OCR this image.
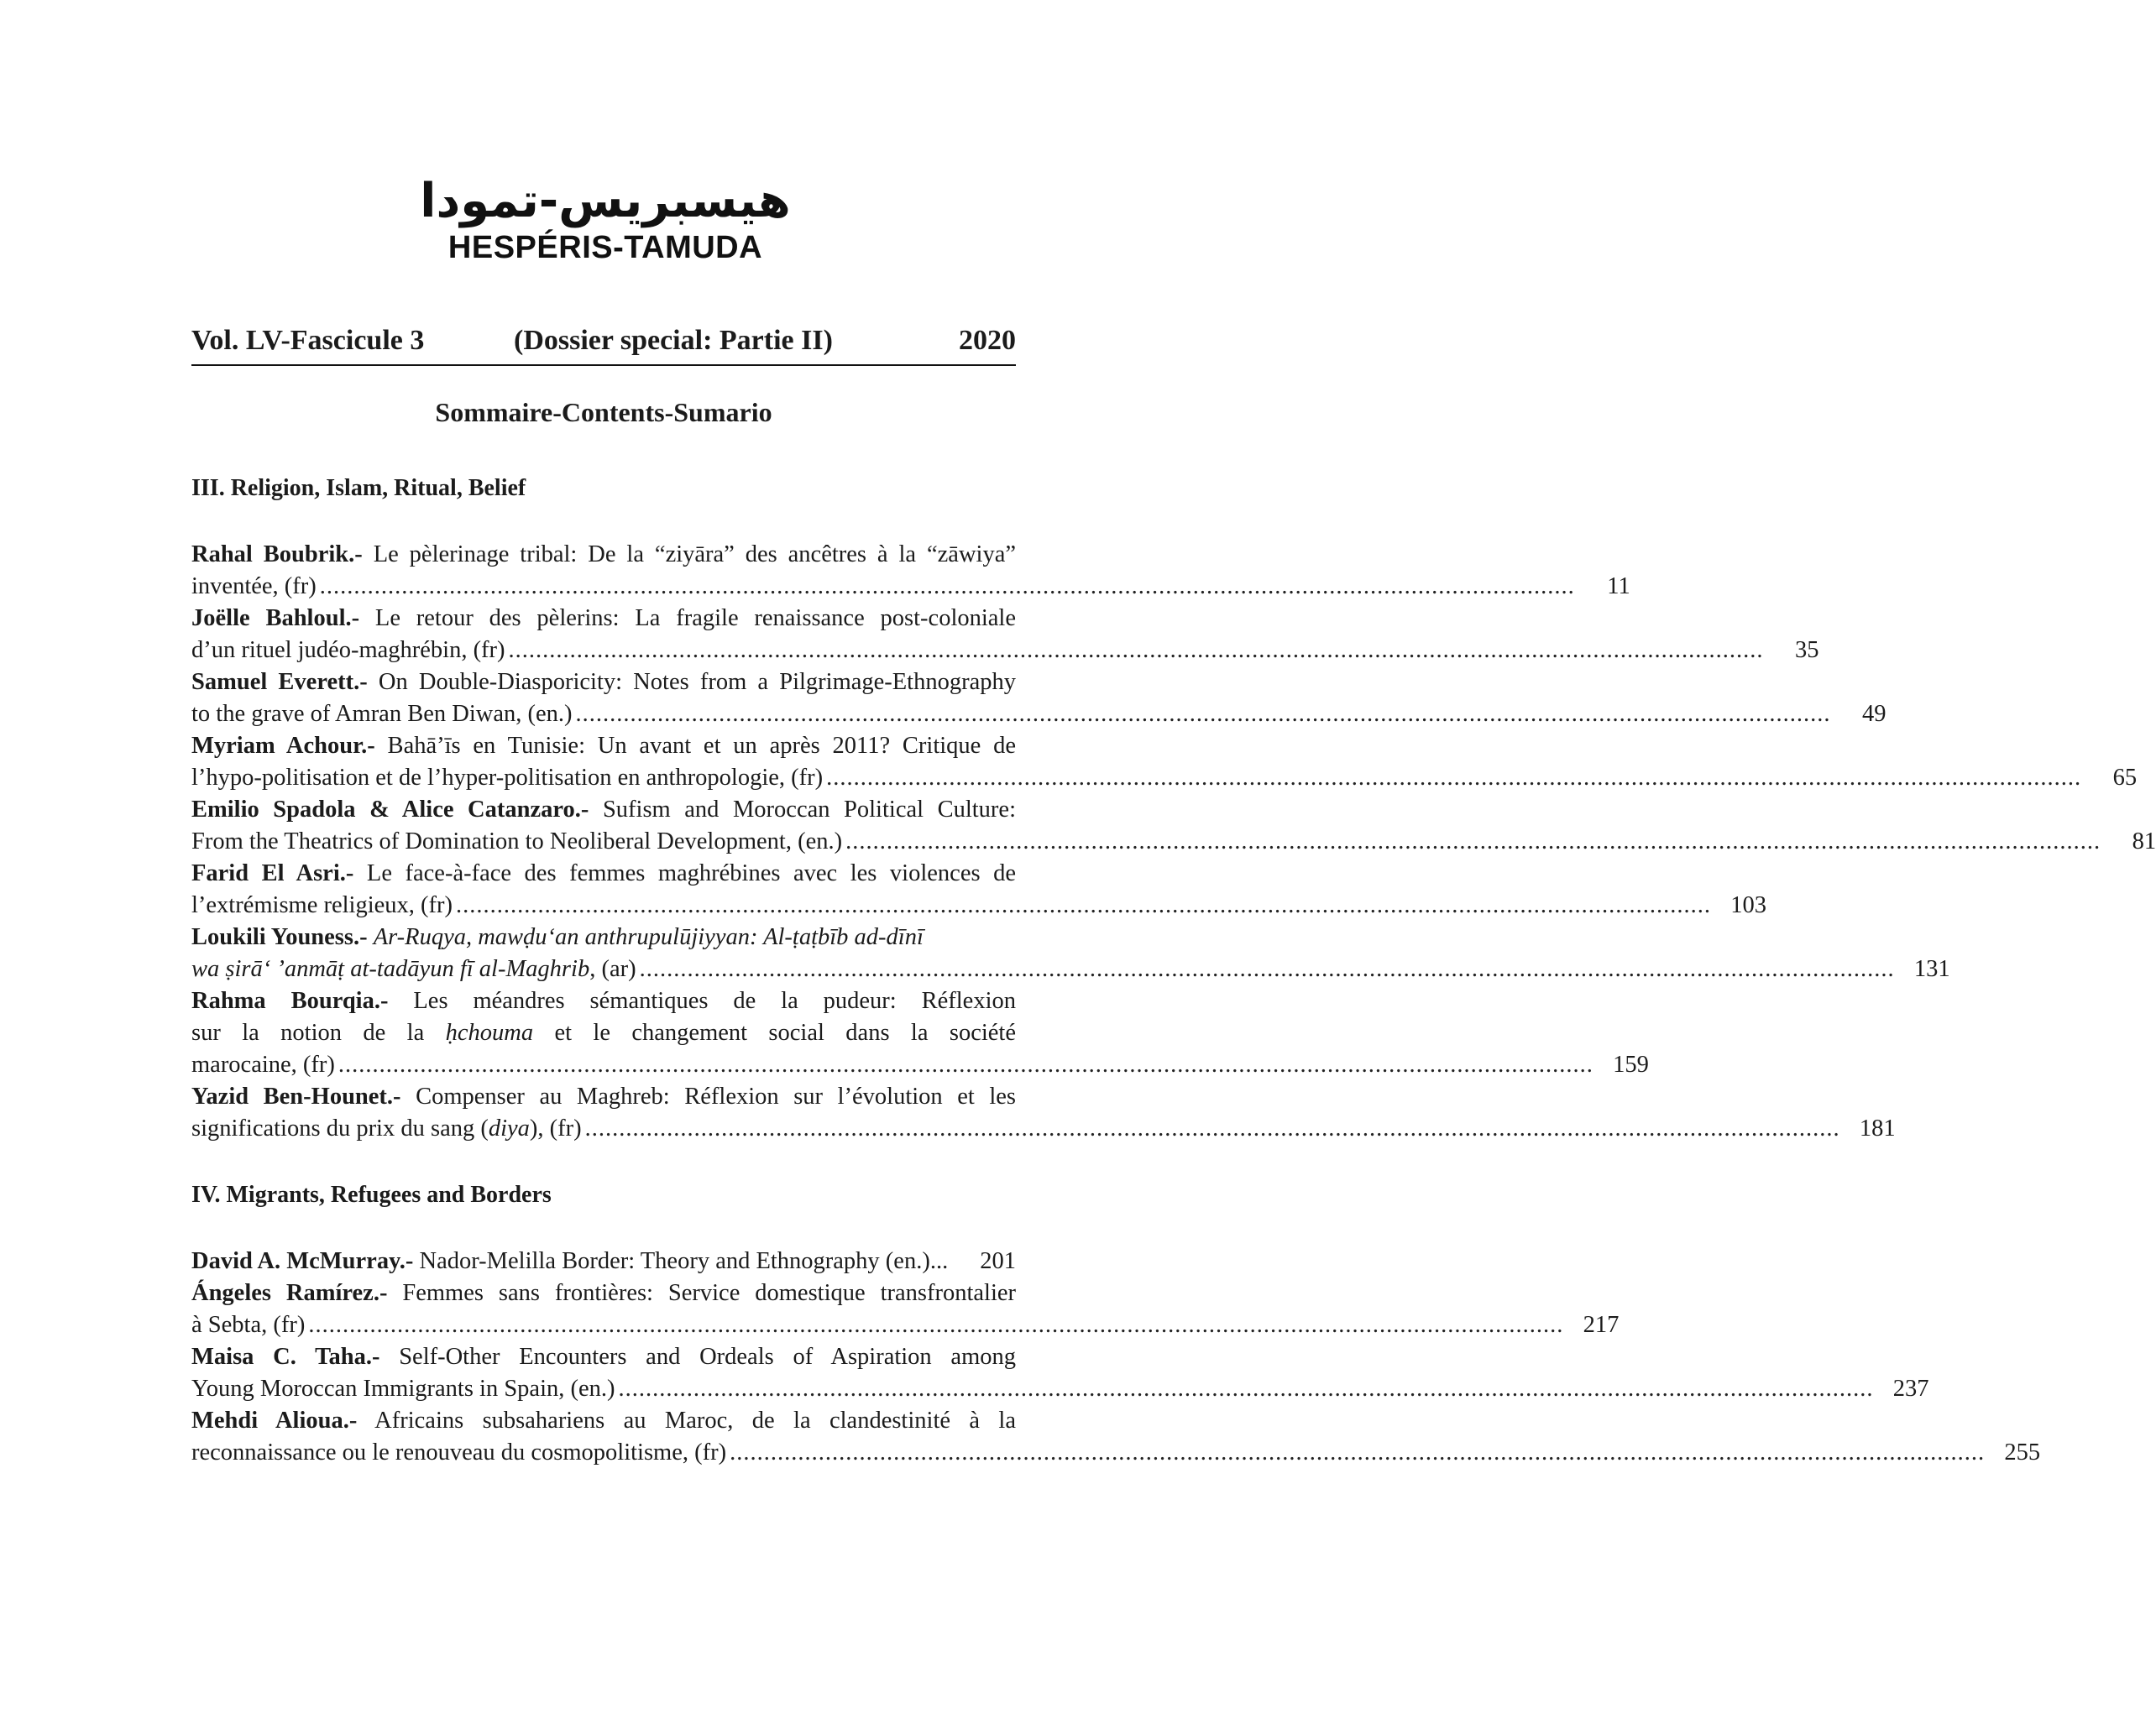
هيسبريس-تمودا
HESPÉRIS-TAMUDA
Vol. LV-Fascicule 3	(Dossier special: Partie II)	2020
Sommaire-Contents-Sumario
III. Religion, Islam, Ritual, Belief
Rahal Boubrik.- Le pèlerinage tribal: De la “ziyāra” des ancêtres à la “zāwiya”
inventée, (fr) ........................................................................................................................................................................................	11
Joëlle Bahloul.- Le retour des pèlerins: La fragile renaissance post-coloniale
d’un rituel judéo-maghrébin, (fr) ........................................................................................................................................................................................	35
Samuel Everett.- On Double-Diasporicity: Notes from a Pilgrimage-Ethnography
to the grave of Amran Ben Diwan, (en.) ........................................................................................................................................................................................	49
Myriam Achour.- Bahā’īs en Tunisie: Un avant et un après 2011? Critique de
l’hypo-politisation et de l’hyper-politisation en anthropologie, (fr) ........................................................................................................................................................................................	65
Emilio Spadola & Alice Catanzaro.- Sufism and Moroccan Political Culture:
From the Theatrics of Domination to Neoliberal Development, (en.) ........................................................................................................................................................................................	81
Farid El Asri.- Le face-à-face des femmes maghrébines avec les violences de
l’extrémisme religieux, (fr) ........................................................................................................................................................................................ 103
Loukili Youness.- Ar-Ruqya, mawḍu‘an anthrupulūjiyyan: Al-ṭaṭbīb ad-dīnī
wa ṣirā‘ ’anmāṭ at-tadāyun fī al-Maghrib, (ar) ........................................................................................................................................................................................ 131
Rahma Bourqia.- Les méandres sémantiques de la pudeur: Réflexion
sur la notion de la ḥchouma et le changement social dans la société
marocaine, (fr) ........................................................................................................................................................................................ 159
Yazid Ben-Hounet.- Compenser au Maghreb: Réflexion sur l’évolution et les
significations du prix du sang (diya), (fr) ........................................................................................................................................................................................ 181
IV. Migrants, Refugees and Borders
David A. McMurray.- Nador-Melilla Border: Theory and Ethnography (en.)...	201
Ángeles Ramírez.- Femmes sans frontières: Service domestique transfrontalier
à Sebta, (fr) ........................................................................................................................................................................................ 217
Maisa C. Taha.- Self-Other Encounters and Ordeals of Aspiration among
Young Moroccan Immigrants in Spain, (en.) ........................................................................................................................................................................................ 237
Mehdi Alioua.- Africains subsahariens au Maroc, de la clandestinité à la
reconnaissance ou le renouveau du cosmopolitisme, (fr) ........................................................................................................................................................................................ 255
